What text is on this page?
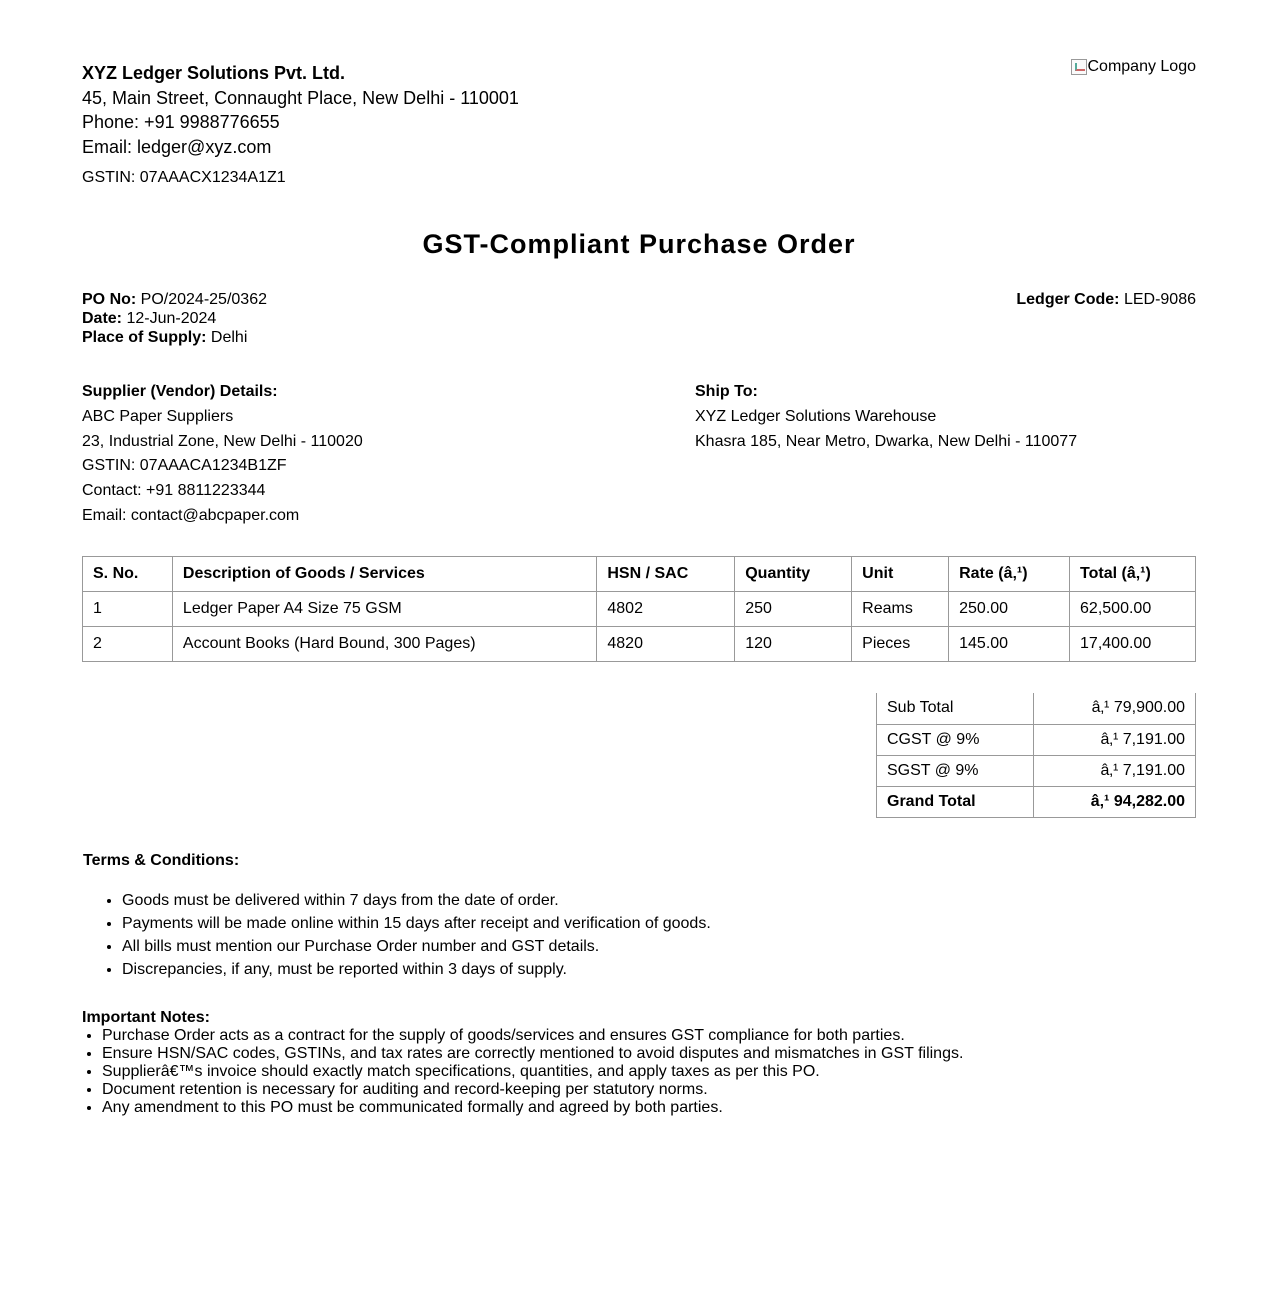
XYZ Ledger Solutions Pvt. Ltd.
45, Main Street, Connaught Place, New Delhi - 110001
Phone: +91 9988776655
Email: ledger@xyz.com
GSTIN: 07AAACX1234A1Z1
Company Logo
GST-Compliant Purchase Order
PO No: PO/2024-25/0362
Date: 12-Jun-2024
Place of Supply: Delhi
Ledger Code: LED-9086
Supplier (Vendor) Details:
ABC Paper Suppliers
23, Industrial Zone, New Delhi - 110020
GSTIN: 07AAACA1234B1ZF
Contact: +91 8811223344
Email: contact@abcpaper.com
Ship To:
XYZ Ledger Solutions Warehouse
Khasra 185, Near Metro, Dwarka, New Delhi - 110077
S. No.	Description of Goods / Services	HSN / SAC	Quantity	Unit	Rate (â‚¹)	Total (â‚¹)
1	Ledger Paper A4 Size 75 GSM	4802	250	Reams	250.00	62,500.00
2	Account Books (Hard Bound, 300 Pages)	4820	120	Pieces	145.00	17,400.00
Sub Total	â‚¹ 79,900.00
CGST @ 9%	â‚¹ 7,191.00
SGST @ 9%	â‚¹ 7,191.00
Grand Total	â‚¹ 94,282.00
Terms & Conditions:
• Goods must be delivered within 7 days from the date of order.
• Payments will be made online within 15 days after receipt and verification of goods.
• All bills must mention our Purchase Order number and GST details.
• Discrepancies, if any, must be reported within 3 days of supply.
Important Notes:
• Purchase Order acts as a contract for the supply of goods/services and ensures GST compliance for both parties.
• Ensure HSN/SAC codes, GSTINs, and tax rates are correctly mentioned to avoid disputes and mismatches in GST filings.
• Supplierâ€™s invoice should exactly match specifications, quantities, and apply taxes as per this PO.
• Document retention is necessary for auditing and record-keeping per statutory norms.
• Any amendment to this PO must be communicated formally and agreed by both parties.
